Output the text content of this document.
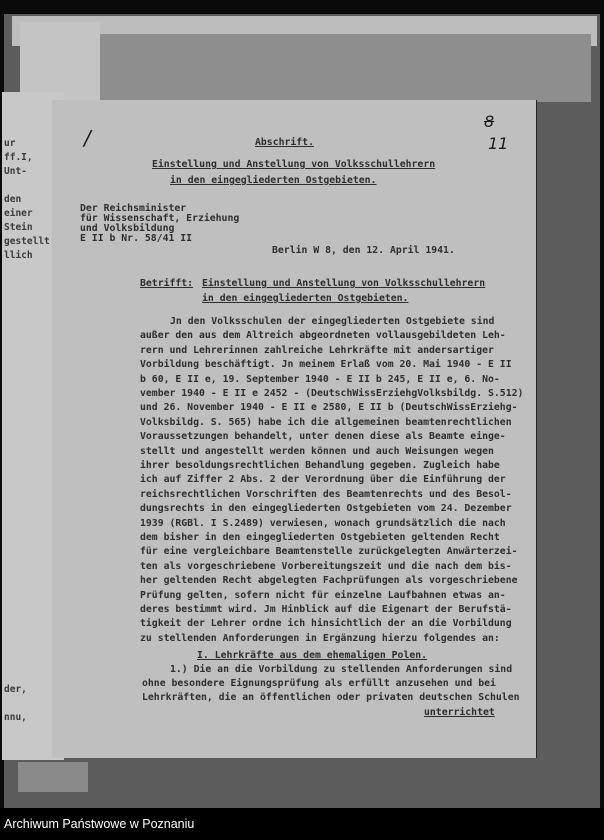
ur
ff.I,
Unt-
den
einer
Stein
gestellt
llich
der,
nnu,
/
8
11
Abschrift.
Einstellung und Anstellung von Volksschullehrern
in den eingegliederten Ostgebieten.
Der Reichsminister
für Wissenschaft, Erziehung
und Volksbildung
E II b Nr. 58/41 II
Berlin W 8, den 12. April 1941.
Betrifft: Einstellung und Anstellung von Volksschullehrern
in den eingegliederten Ostgebieten.
Jn den Volksschulen der eingegliederten Ostgebiete sind
außer den aus dem Altreich abgeordneten vollausgebildeten Leh-
rern und Lehrerinnen zahlreiche Lehrkräfte mit andersartiger
Vorbildung beschäftigt. Jn meinem Erlaß vom 20. Mai 1940 - E II
b 60, E II e, 19. September 1940 - E II b 245, E II e, 6. No-
vember 1940 - E II e 2452 - (DeutschWissErziehgVolksbildg. S.512)
und 26. November 1940 - E II e 2580, E II b (DeutschWissErziehg-
Volksbildg. S. 565) habe ich die allgemeinen beamtenrechtlichen
Voraussetzungen behandelt, unter denen diese als Beamte einge-
stellt und angestellt werden können und auch Weisungen wegen
ihrer besoldungsrechtlichen Behandlung gegeben. Zugleich habe
ich auf Ziffer 2 Abs. 2 der Verordnung über die Einführung der
reichsrechtlichen Vorschriften des Beamtenrechts und des Besol-
dungsrechts in den eingegliederten Ostgebieten vom 24. Dezember
1939 (RGBl. I S.2489) verwiesen, wonach grundsätzlich die nach
dem bisher in den eingegliederten Ostgebieten geltenden Recht
für eine vergleichbare Beamtenstelle zurückgelegten Anwärterzei-
ten als vorgeschriebene Vorbereitungszeit und die nach dem bis-
her geltenden Recht abgelegten Fachprüfungen als vorgeschriebene
Prüfung gelten, sofern nicht für einzelne Laufbahnen etwas an-
deres bestimmt wird. Jm Hinblick auf die Eigenart der Berufstä-
tigkeit der Lehrer ordne ich hinsichtlich der an die Vorbildung
zu stellenden Anforderungen in Ergänzung hierzu folgendes an:
I. Lehrkräfte aus dem ehemaligen Polen.
1.) Die an die Vorbildung zu stellenden Anforderungen sind
ohne besondere Eignungsprüfung als erfüllt anzusehen und bei
Lehrkräften, die an öffentlichen oder privaten deutschen Schulen
unterrichtet
Archiwum Państwowe w Poznaniu
